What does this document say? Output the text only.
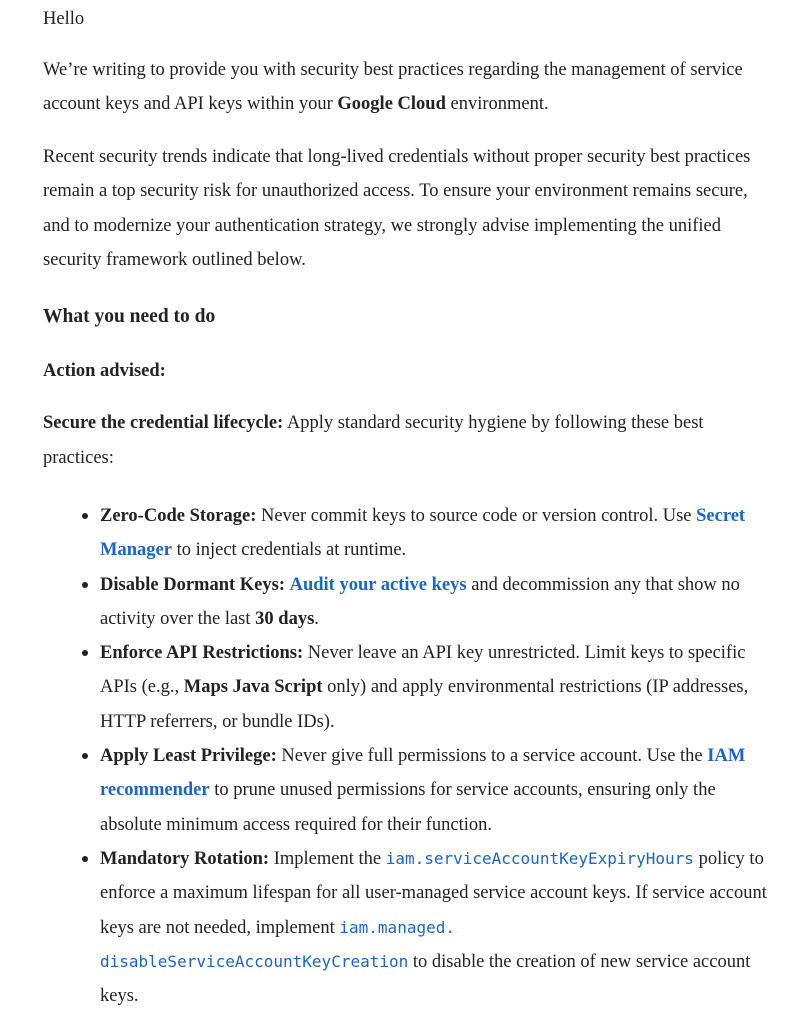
Hello

We’re writing to provide you with security best practices regarding the management of service account keys and API keys within your Google Cloud environment.

Recent security trends indicate that long-lived credentials without proper security best practices remain a top security risk for unauthorized access. To ensure your environment remains secure, and to modernize your authentication strategy, we strongly advise implementing the unified security framework outlined below.

What you need to do

Action advised:

Secure the credential lifecycle: Apply standard security hygiene by following these best practices:

Zero-Code Storage: Never commit keys to source code or version control. Use Secret Manager to inject credentials at runtime.
Disable Dormant Keys: Audit your active keys and decommission any that show no activity over the last 30 days.
Enforce API Restrictions: Never leave an API key unrestricted. Limit keys to specific APIs (e.g., Maps Java Script only) and apply environmental restrictions (IP addresses, HTTP referrers, or bundle IDs).
Apply Least Privilege: Never give full permissions to a service account. Use the IAM recommender to prune unused permissions for service accounts, ensuring only the absolute minimum access required for their function.
Mandatory Rotation: Implement the iam.serviceAccountKeyExpiryHours policy to enforce a maximum lifespan for all user-managed service account keys. If service account keys are not needed, implement iam.managed.
disableServiceAccountKeyCreation to disable the creation of new service account keys.
